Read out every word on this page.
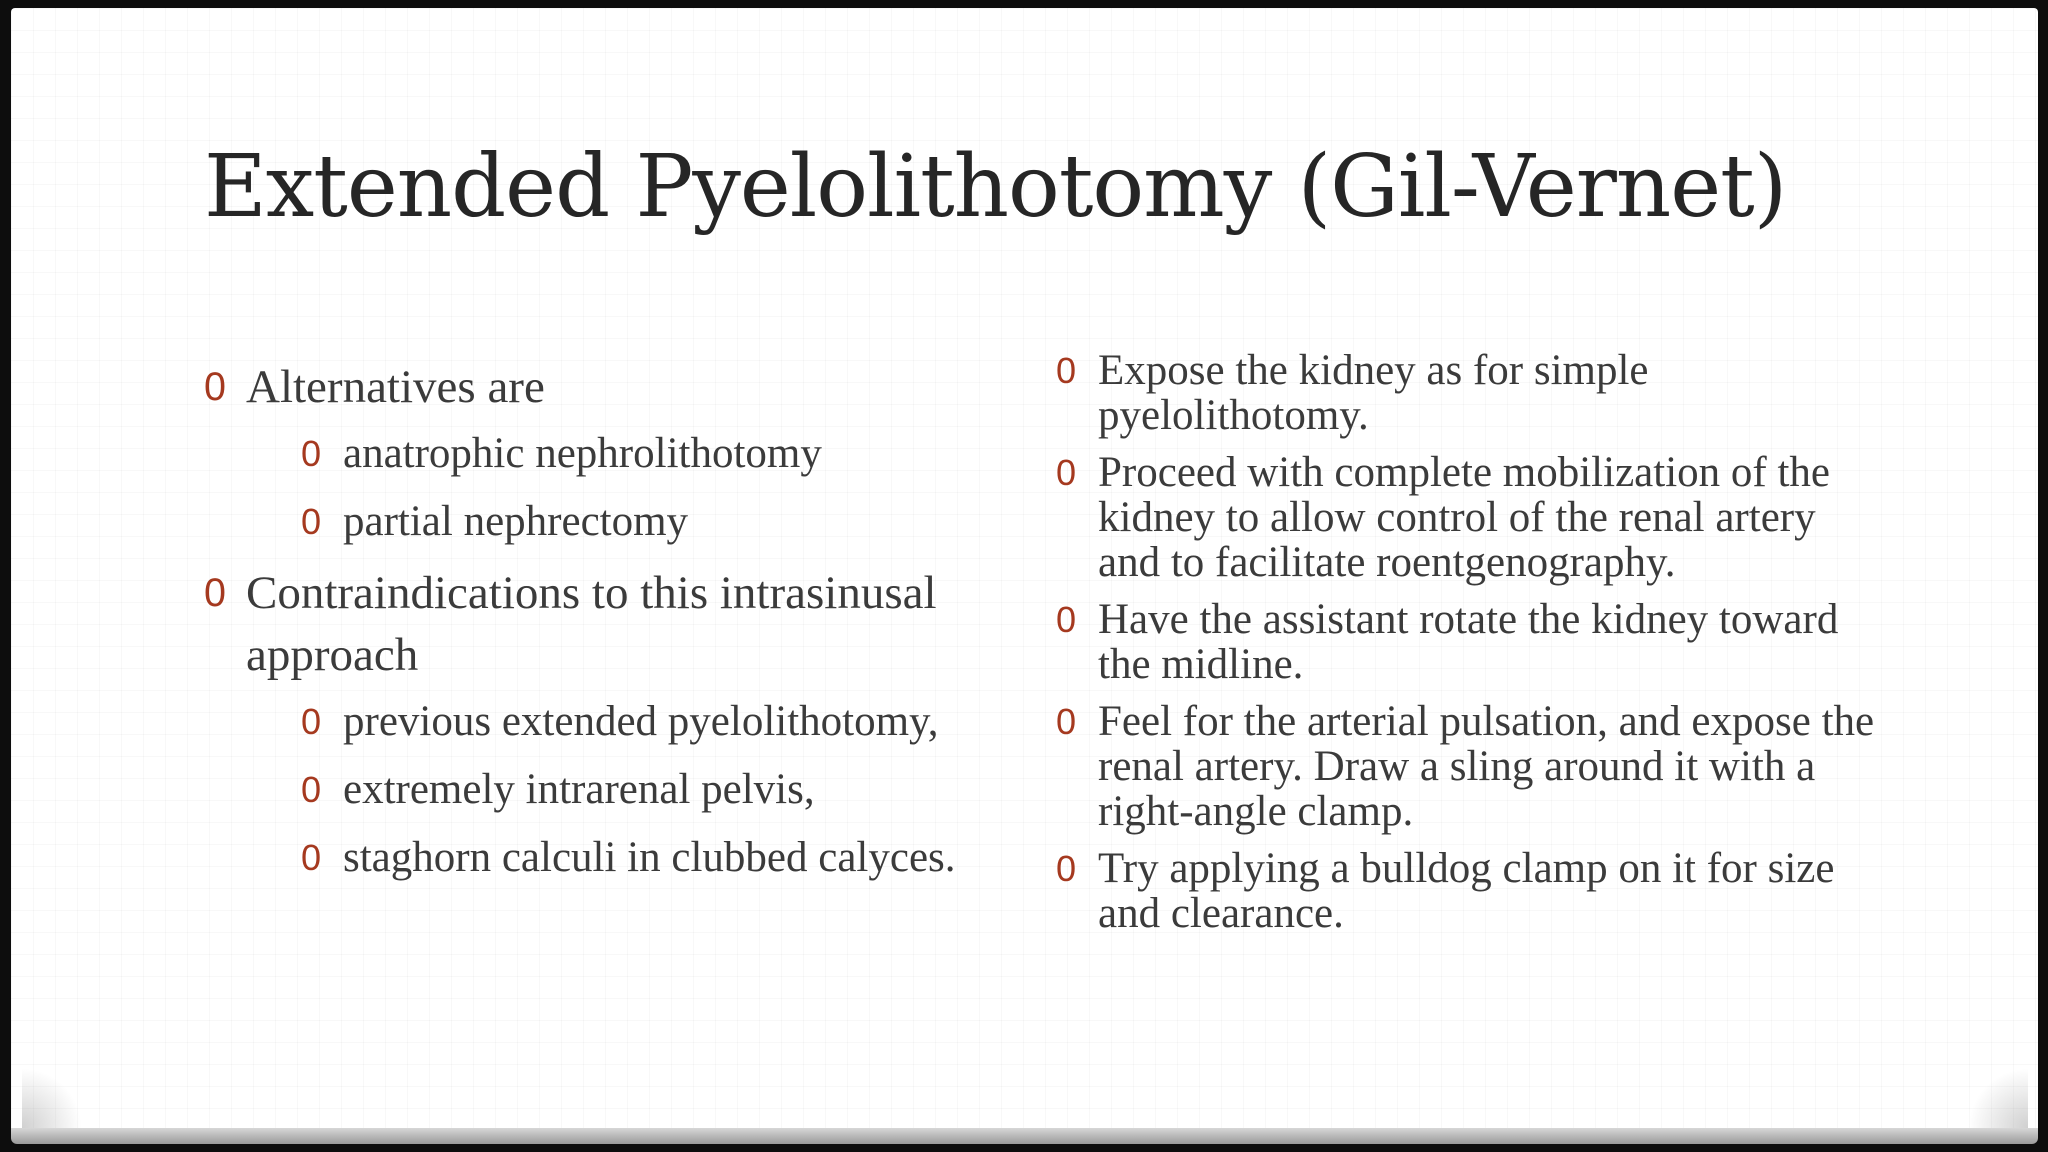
Extended Pyelolithotomy (Gil-Vernet)
0 Alternatives are
0 anatrophic nephrolithotomy
0 partial nephrectomy
0 Contraindications to this intrasinusal approach
0 previous extended pyelolithotomy,
0 extremely intrarenal pelvis,
0 staghorn calculi in clubbed calyces.
0 Expose the kidney as for simple pyelolithotomy.
0 Proceed with complete mobilization of the kidney to allow control of the renal artery and to facilitate roentgenography.
0 Have the assistant rotate the kidney toward the midline.
0 Feel for the arterial pulsation, and expose the renal artery. Draw a sling around it with a right-angle clamp.
0 Try applying a bulldog clamp on it for size and clearance.
